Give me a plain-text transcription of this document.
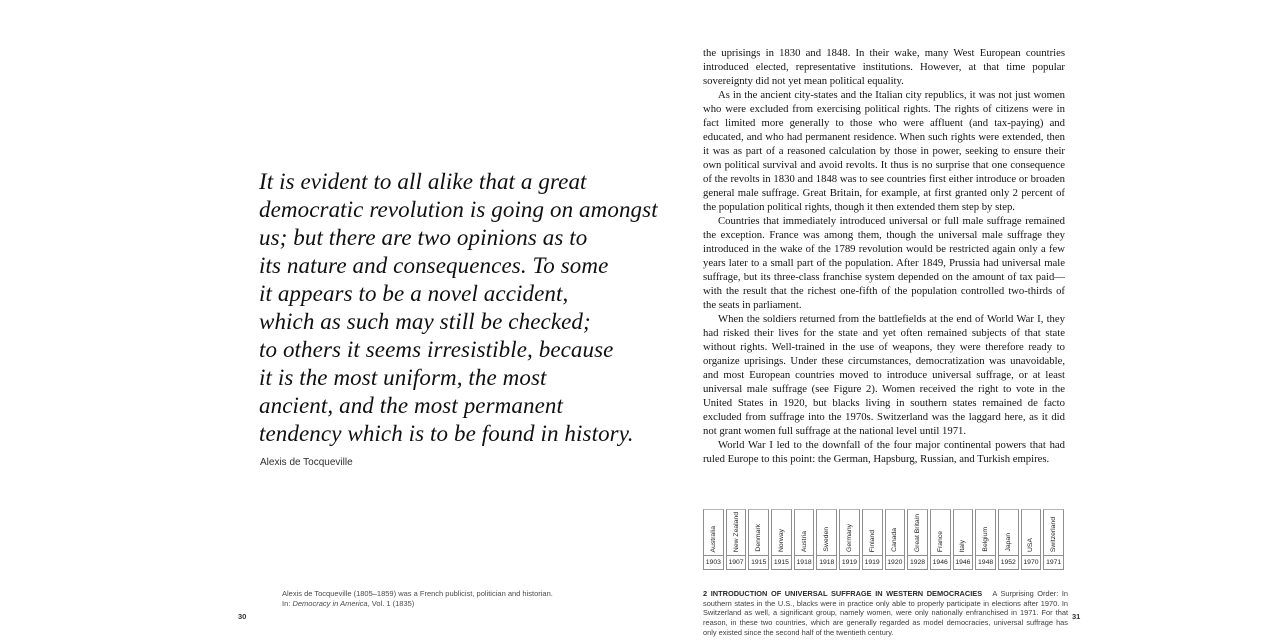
It is evident to all alike that a great
democratic revolution is going on amongst
us; but there are two opinions as to
its nature and consequences. To some
it appears to be a novel accident,
which as such may still be checked;
to others it seems irresistible, because
it is the most uniform, the most
ancient, and the most permanent
tendency which is to be found in history.
Alexis de Tocqueville
Alexis de Tocqueville (1805–1859) was a French publicist, politician and historian.
In: Democracy in America, Vol. 1 (1835)
30

the uprisings in 1830 and 1848. In their wake, many West European countries introduced elected, representative institutions. However, at that time popular sovereignty did not yet mean political equality.

As in the ancient city-states and the Italian city republics, it was not just women who were excluded from exercising political rights. The rights of citizens were in fact limited more generally to those who were affluent (and tax-paying) and educated, and who had permanent residence. When such rights were extended, then it was as part of a reasoned calculation by those in power, seeking to ensure their own political survival and avoid revolts. It thus is no surprise that one consequence of the revolts in 1830 and 1848 was to see countries first either introduce or broaden general male suffrage. Great Britain, for example, at first granted only 2 percent of the population political rights, though it then extended them step by step.

Countries that immediately introduced universal or full male suffrage remained the exception. France was among them, though the universal male suffrage they introduced in the wake of the 1789 revolution would be restricted again only a few years later to a small part of the population. After 1849, Prussia had universal male suffrage, but its three-class franchise system depended on the amount of tax paid—with the result that the richest one-fifth of the population controlled two-thirds of the seats in parliament.

When the soldiers returned from the battlefields at the end of World War I, they had risked their lives for the state and yet often remained subjects of that state without rights. Well-trained in the use of weapons, they were therefore ready to organize uprisings. Under these circumstances, democratization was unavoidable, and most European countries moved to introduce universal suffrage, or at least universal male suffrage (see Figure 2). Women received the right to vote in the United States in 1920, but blacks living in southern states remained de facto excluded from suffrage into the 1970s. Switzerland was the laggard here, as it did not grant women full suffrage at the national level until 1971.

World War I led to the downfall of the four major continental powers that had ruled Europe to this point: the German, Hapsburg, Russian, and Turkish empires.

Australia
1903
New Zealand
1907
Denmark
1915
Norway
1915
Austria
1918
Sweden
1918
Germany
1919
Finland
1919
Canada
1920
Great Britain
1928
France
1946
Italy
1946
Belgium
1948
Japan
1952
USA
1970
Switzerland
1971
2 INTRODUCTION OF UNIVERSAL SUFFRAGE IN WESTERN DEMOCRACIES A Surprising Order: In southern states in the U.S., blacks were in practice only able to properly participate in elections after 1970. In Switzerland as well, a significant group, namely women, were only nationally enfranchised in 1971. For that reason, in these two countries, which are generally regarded as model democracies, universal suffrage has only existed since the second half of the twentieth century.
31
